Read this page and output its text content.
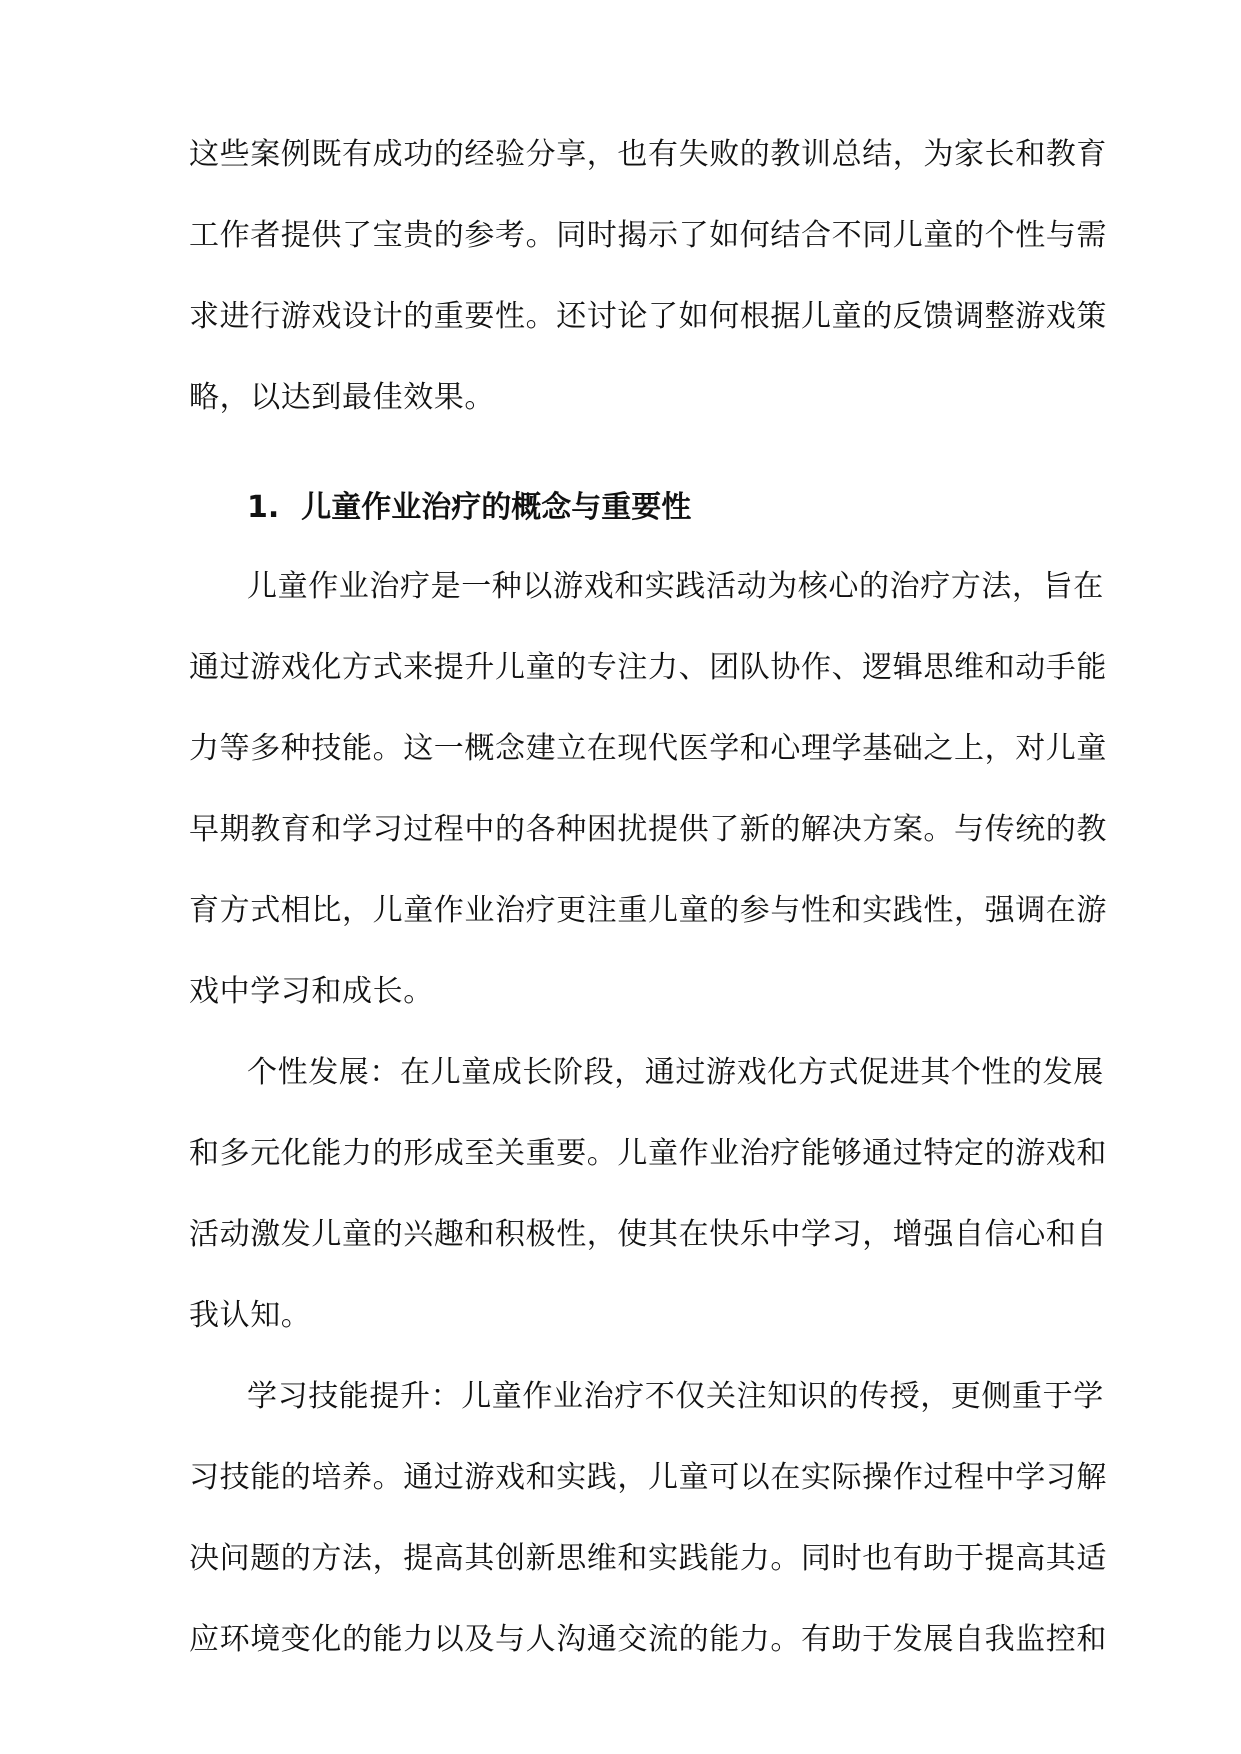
这些案例既有成功的经验分享，也有失败的教训总结，为家长和教育
工作者提供了宝贵的参考。同时揭示了如何结合不同儿童的个性与需
求进行游戏设计的重要性。还讨论了如何根据儿童的反馈调整游戏策
略，以达到最佳效果。
1. 儿童作业治疗的概念与重要性
儿童作业治疗是一种以游戏和实践活动为核心的治疗方法，旨在
通过游戏化方式来提升儿童的专注力、团队协作、逻辑思维和动手能
力等多种技能。这一概念建立在现代医学和心理学基础之上，对儿童
早期教育和学习过程中的各种困扰提供了新的解决方案。与传统的教
育方式相比，儿童作业治疗更注重儿童的参与性和实践性，强调在游
戏中学习和成长。
个性发展：在儿童成长阶段，通过游戏化方式促进其个性的发展
和多元化能力的形成至关重要。儿童作业治疗能够通过特定的游戏和
活动激发儿童的兴趣和积极性，使其在快乐中学习，增强自信心和自
我认知。
学习技能提升：儿童作业治疗不仅关注知识的传授，更侧重于学
习技能的培养。通过游戏和实践，儿童可以在实际操作过程中学习解
决问题的方法，提高其创新思维和实践能力。同时也有助于提高其适
应环境变化的能力以及与人沟通交流的能力。有助于发展自我监控和
